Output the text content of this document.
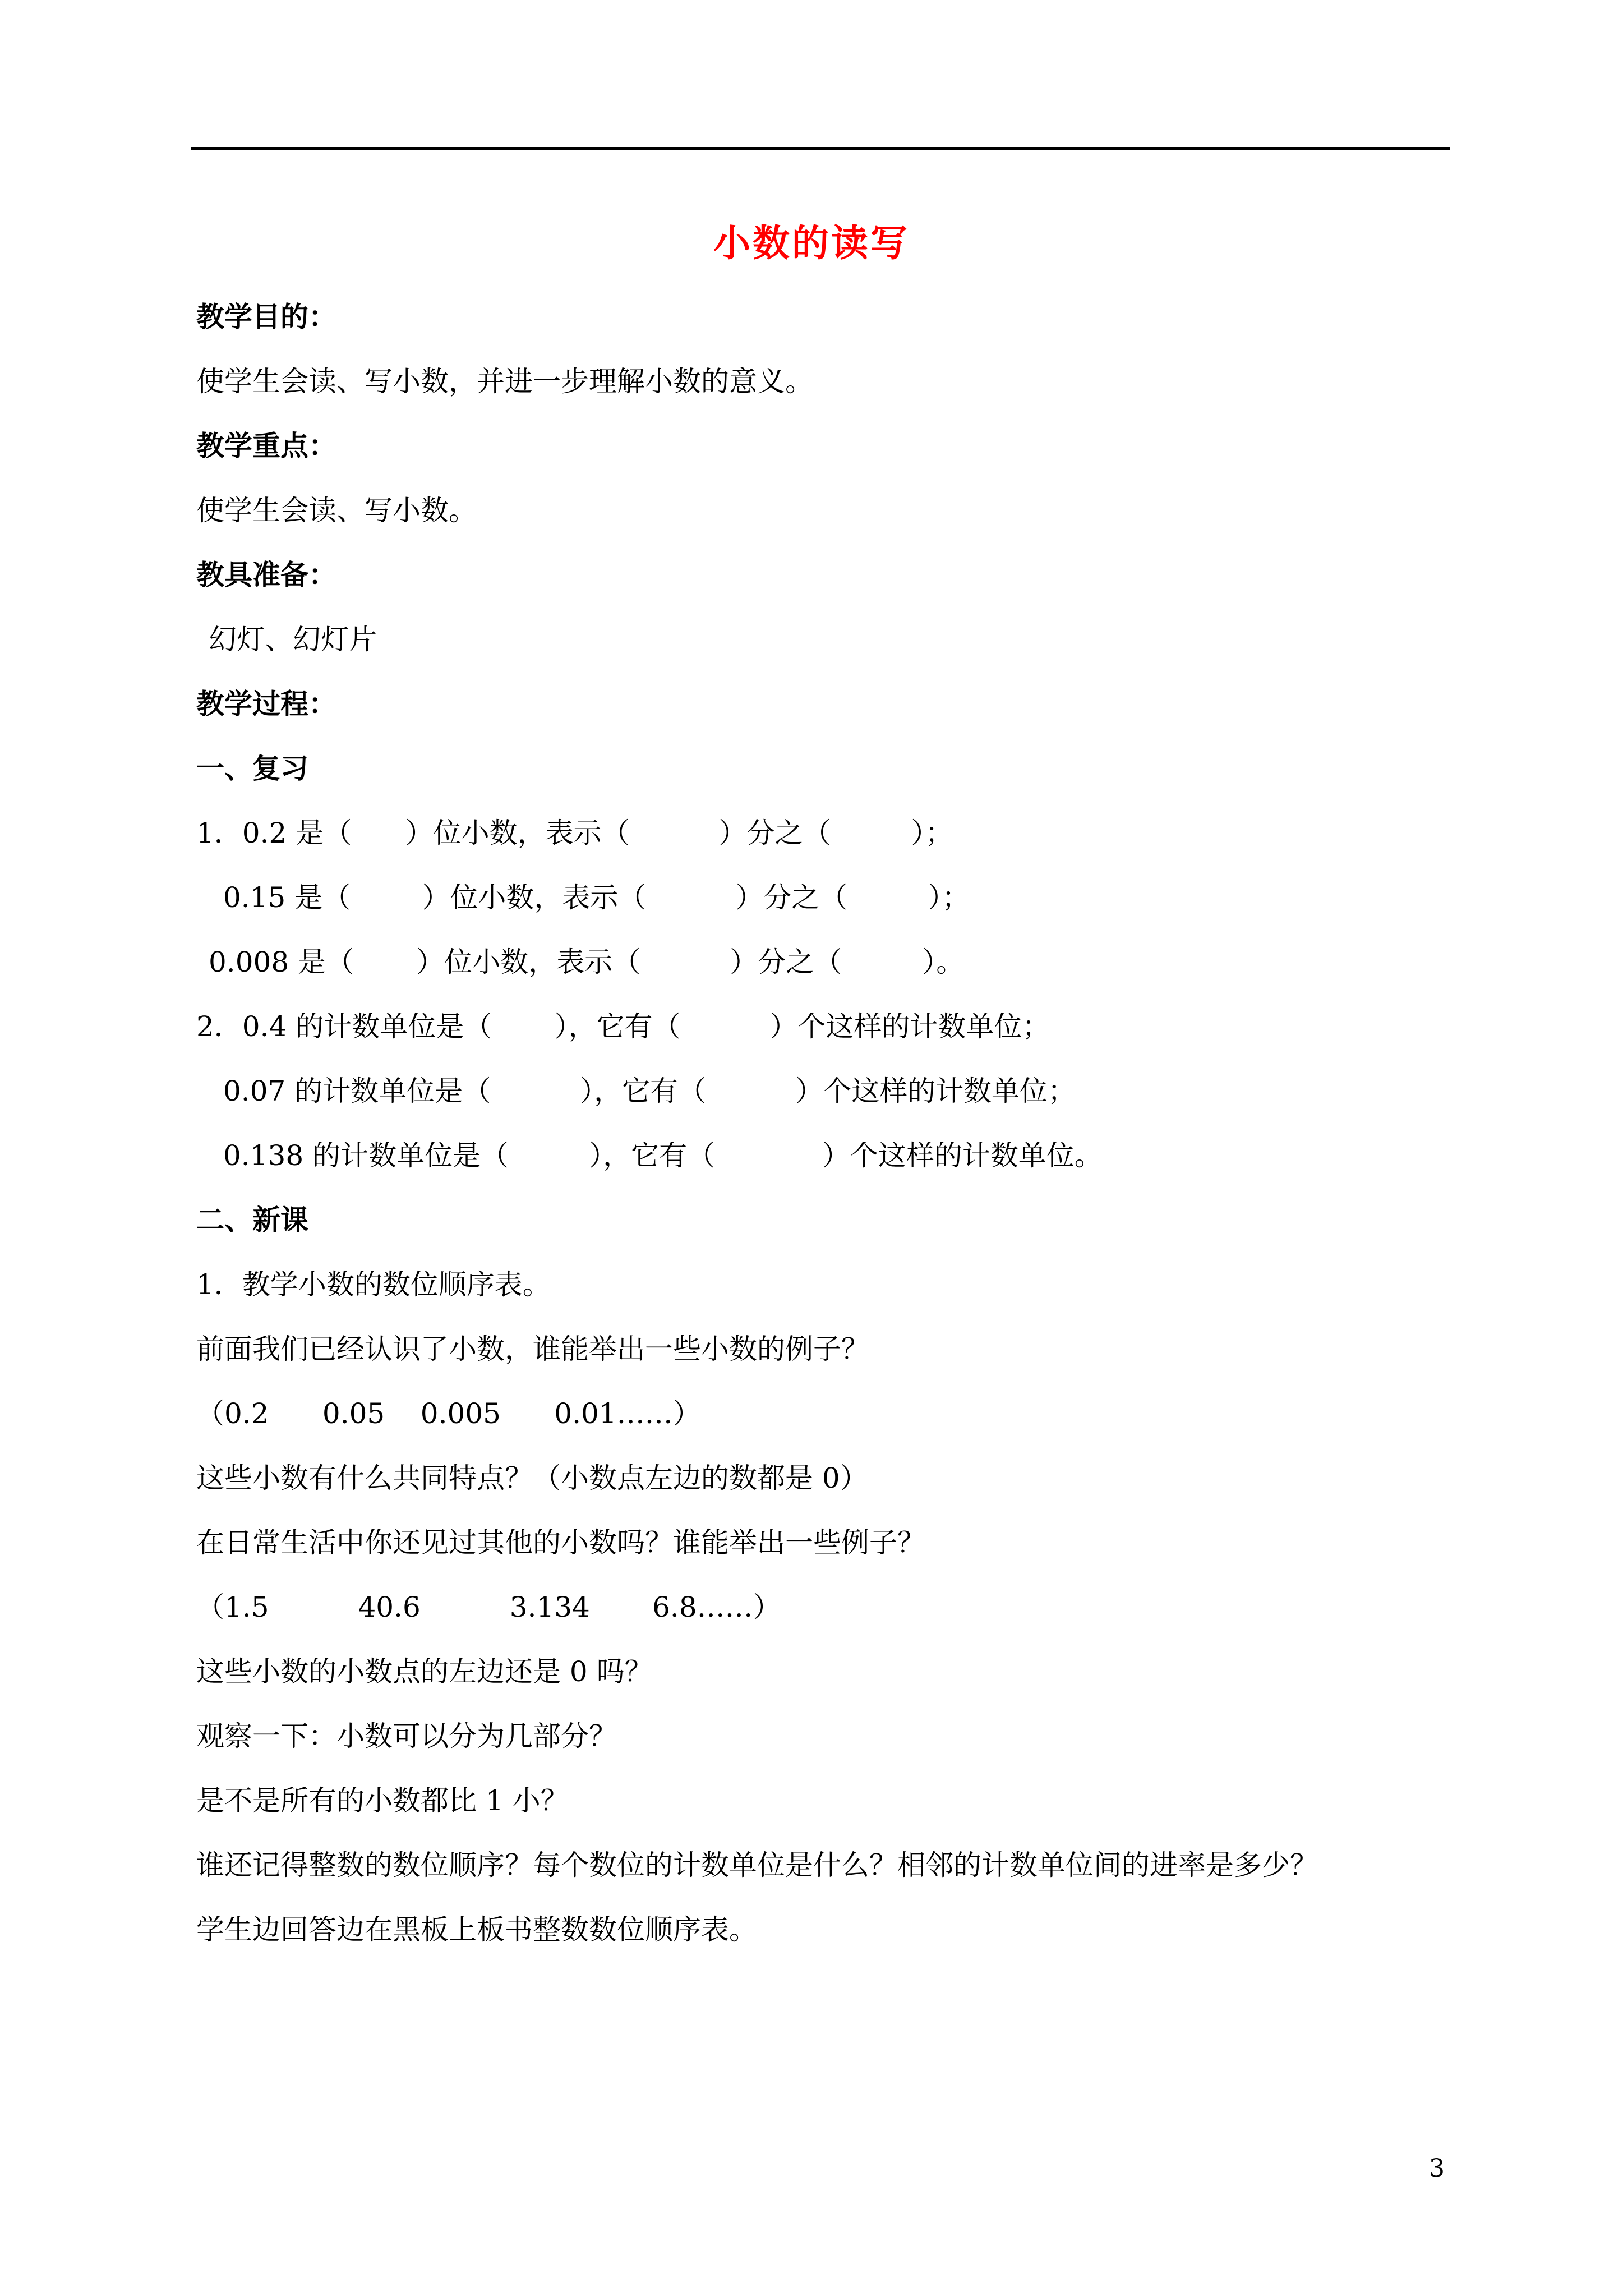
小数的读写

教学目的：

使学生会读、写小数，并进一步理解小数的意义。

教学重点：

使学生会读、写小数。

教具准备：

幻灯、幻灯片

教学过程：

一、复习

1．0.2 是（      ）位小数，表示（          ）分之（         ）；

0.15 是（        ）位小数，表示（          ）分之（         ）；

0.008 是（       ）位小数，表示（          ）分之（         ）。

2．0.4 的计数单位是（       ），它有（          ）个这样的计数单位；

0.07 的计数单位是（          ），它有（          ）个这样的计数单位；

0.138 的计数单位是（         ），它有（            ）个这样的计数单位。

二、新课

1．教学小数的数位顺序表。

前面我们已经认识了小数，谁能举出一些小数的例子？

（0.2      0.05    0.005      0.01……）

这些小数有什么共同特点？（小数点左边的数都是 0）

在日常生活中你还见过其他的小数吗？谁能举出一些例子？

（1.5          40.6          3.134       6.8……）

这些小数的小数点的左边还是 0 吗？

观察一下：小数可以分为几部分？

是不是所有的小数都比 1 小？

谁还记得整数的数位顺序？每个数位的计数单位是什么？相邻的计数单位间的进率是多少？

学生边回答边在黑板上板书整数数位顺序表。

3
